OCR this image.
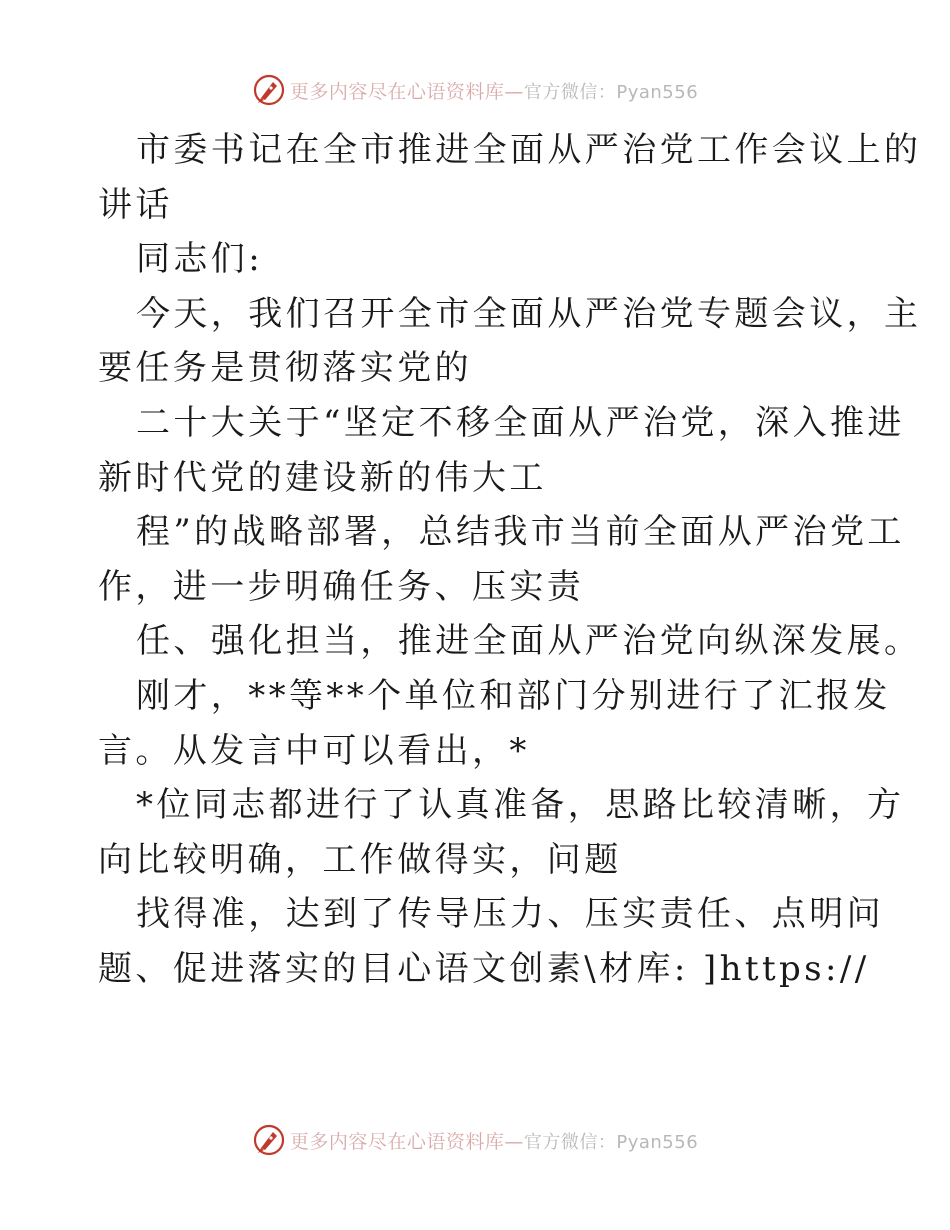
更多内容尽在心语资料库—官方微信：Pyan556
市委书记在全市推进全面从严治党工作会议上的
讲话
同志们:
今天，我们召开全市全面从严治党专题会议，主
要任务是贯彻落实党的
二十大关于“坚定不移全面从严治党，深入推进
新时代党的建设新的伟大工
程”的战略部署，总结我市当前全面从严治党工
作，进一步明确任务、压实责
任、强化担当，推进全面从严治党向纵深发展。
刚才，**等**个单位和部门分别进行了汇报发
言。从发言中可以看出，*
*位同志都进行了认真准备，思路比较清晰，方
向比较明确，工作做得实，问题
找得准，达到了传导压力、压实责任、点明问
题、促进落实的目心语文创素\材库: ]https://
更多内容尽在心语资料库—官方微信：Pyan556
